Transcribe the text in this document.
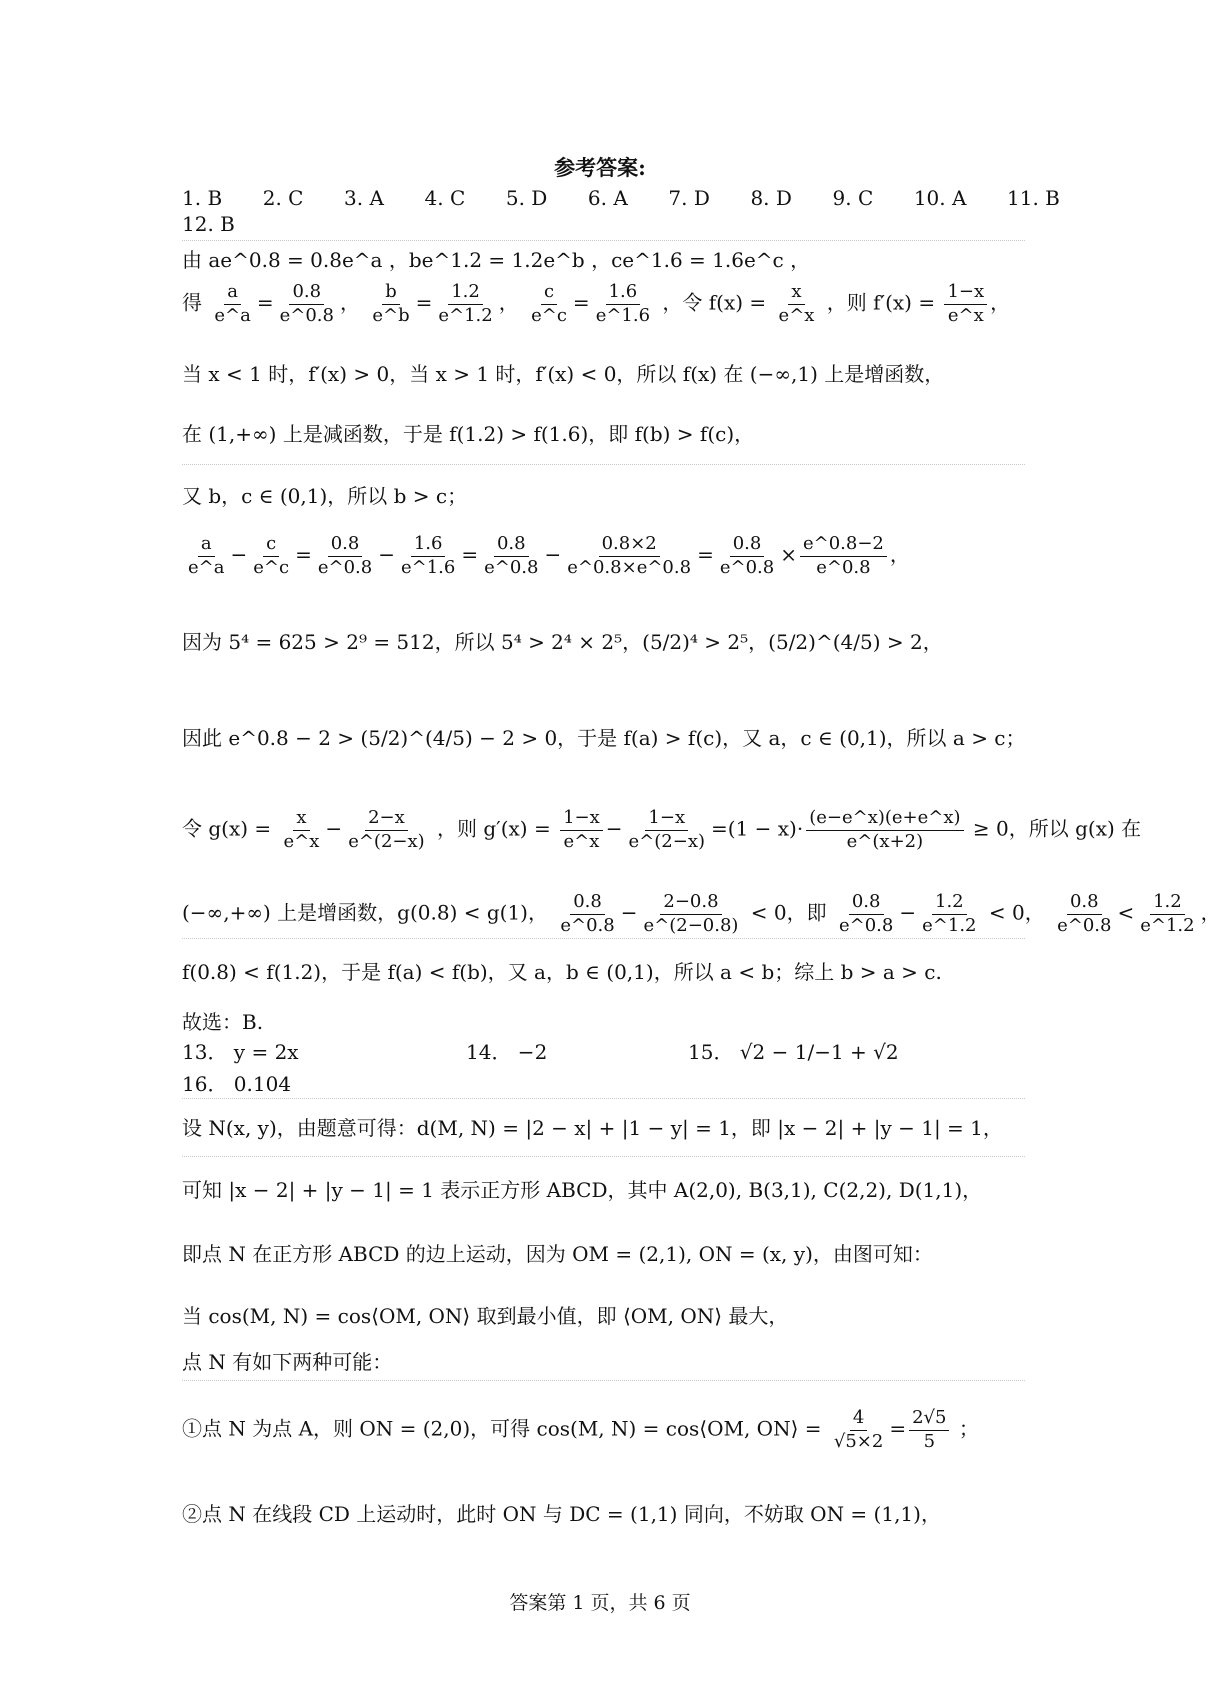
参考答案:
1. B 2. C 3. A 4. C 5. D 6. A 7. D 8. D 9. C 10. A 11. B
12. B
由 ae^0.8 = 0.8e^a ，be^1.2 = 1.2e^b ，ce^1.6 = 1.6e^c ，
得 $\frac{a}{e\^{}a} = \frac{0.8}{e\^{}0.8}$ ， $\frac{b}{e\^{}b} = \frac{1.2}{e\^{}1.2}$ ， $\frac{c}{e\^{}c} = \frac{1.6}{e\^{}1.6}$ ，令 $f(x) = \frac{x}{e\^{}x}$ ，则 $f'(x) = \frac{1-x}{e\^{}x}$ ，
当 x < 1 时，f′(x) > 0，当 x > 1 时，f′(x) < 0，所以 f(x) 在 (−∞,1) 上是增函数，
在 (1,+∞) 上是减函数，于是 f(1.2) > f(1.6)，即 f(b) > f(c)，
又 b，c ∈ (0,1)，所以 b > c；
$\frac{a}{e\^{}a} - \frac{c}{e\^{}c} = \frac{0.8}{e\^{}0.8} - \frac{1.6}{e\^{}1.6} = \frac{0.8}{e\^{}0.8} - \frac{0.8\times 2}{e\^{}0.8\times e\^{}0.8} = \frac{0.8}{e\^{}0.8} \times \frac{e\^{}0.8-2}{e\^{}0.8}$ ，
因为 5⁴ = 625 > 2⁹ = 512，所以 5⁴ > 2⁴ × 2⁵，(5/2)⁴ > 2⁵，(5/2)^(4/5) > 2，
因此 e^0.8 − 2 > (5/2)^(4/5) − 2 > 0，于是 f(a) > f(c)，又 a，c ∈ (0,1)，所以 a > c；
令 $g(x) = \frac{x}{e\^{}x} - \frac{2-x}{e\^{}(2-x)}$ ，则 $g'(x) = \frac{1-x}{e\^{}x} - \frac{1-x}{e\^{}(2-x)} =(1 - x)\cdot \frac{(e-e\^{}x)(e+e\^{}x)}{e\^{}(x+2)} \ge 0$，所以 g(x) 在
(−∞,+∞) 上是增函数，g(0.8) < g(1)， $\frac{0.8}{e\^{}0.8} - \frac{2-0.8}{e\^{}(2-0.8)} < 0$，即 $\frac{0.8}{e\^{}0.8} - \frac{1.2}{e\^{}1.2} < 0$， $\frac{0.8}{e\^{}0.8} < \frac{1.2}{e\^{}1.2}$ ，
f(0.8) < f(1.2)，于是 f(a) < f(b)，又 a，b ∈ (0,1)，所以 a < b；综上 b > a > c.
故选：B.
13． y = 2x	14． −2	15． √2 − 1/−1 + √2
16． 0.104
设 N(x, y)，由题意可得：d(M, N) = |2 − x| + |1 − y| = 1，即 |x − 2| + |y − 1| = 1，
可知 |x − 2| + |y − 1| = 1 表示正方形 ABCD，其中 A(2,0), B(3,1), C(2,2), D(1,1)，
即点 N 在正方形 ABCD 的边上运动，因为 OM = (2,1), ON = (x, y)，由图可知：
当 cos(M, N) = cos⟨OM, ON⟩ 取到最小值，即 ⟨OM, ON⟩ 最大，
点 N 有如下两种可能：
①点 N 为点 A，则 ON = (2,0)，可得 cos(M, N) = cos⟨OM, ON⟩ = $\frac{4}{√5\times 2} = \frac{2√5}{5}$ ；
②点 N 在线段 CD 上运动时，此时 ON 与 DC = (1,1) 同向，不妨取 ON = (1,1)，
答案第 1 页，共 6 页
